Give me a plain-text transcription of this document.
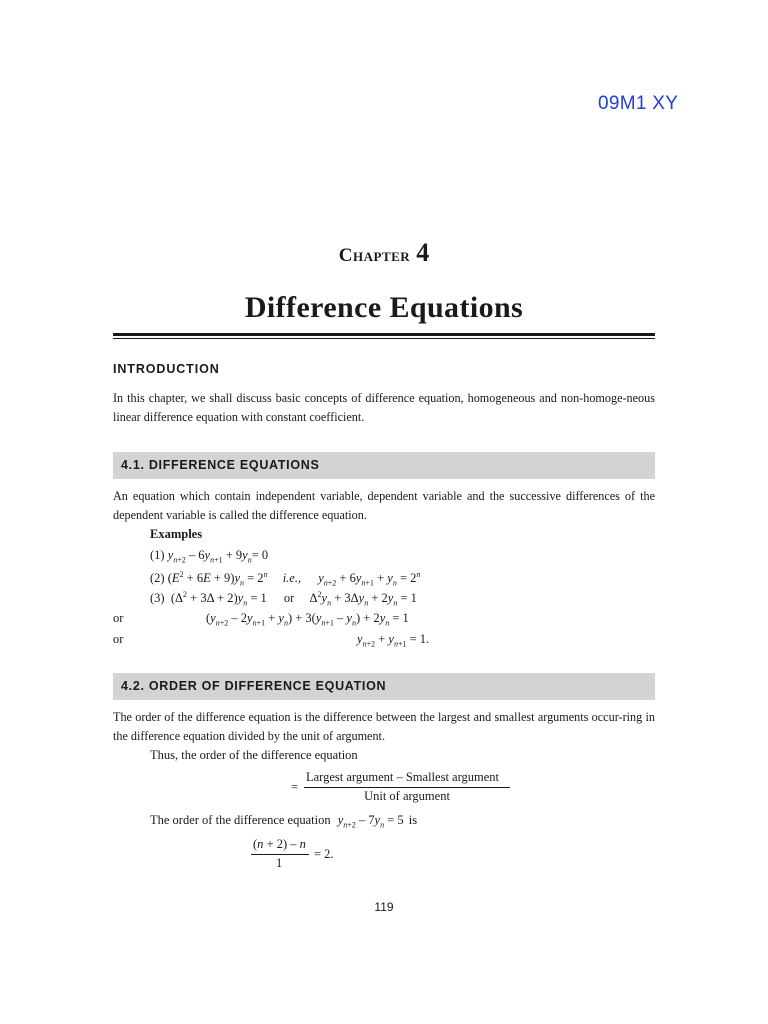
09M1 XY
Chapter 4
Difference Equations
INTRODUCTION
In this chapter, we shall discuss basic concepts of difference equation, homogeneous and non-homoge-neous linear difference equation with constant coefficient.
4.1. DIFFERENCE EQUATIONS
An equation which contain independent variable, dependent variable and the successive differences of the dependent variable is called the difference equation.
Examples
(1) $y_{n+2} - 6y_{n+1} + 9y_n= 0$
(2) $(E^2 + 6E + 9)y_n = 2^n$ i.e., $y_{n+2} + 6y_{n+1} + y_n = 2^n$
(3)  $(\Delta^2 + 3\Delta + 2)y_n = 1$ or $\Delta^2y_n + 3\Delta y_n + 2y_n = 1$
or	$(y_{n+2} - 2y_{n+1} + y_n) + 3(y_{n+1} - y_n) + 2y_n = 1$
or	$y_{n+2} + y_{n+1} = 1$.
4.2. ORDER OF DIFFERENCE EQUATION
The order of the difference equation is the difference between the largest and smallest arguments occur-ring in the difference equation divided by the unit of argument.
Thus, the order of the difference equation
=
Largest argument – Smallest argument
Unit of argument
The order of the difference equation $y_{n+2} - 7y_n = 5$ is
(n + 2) – n
1
= 2.
119
